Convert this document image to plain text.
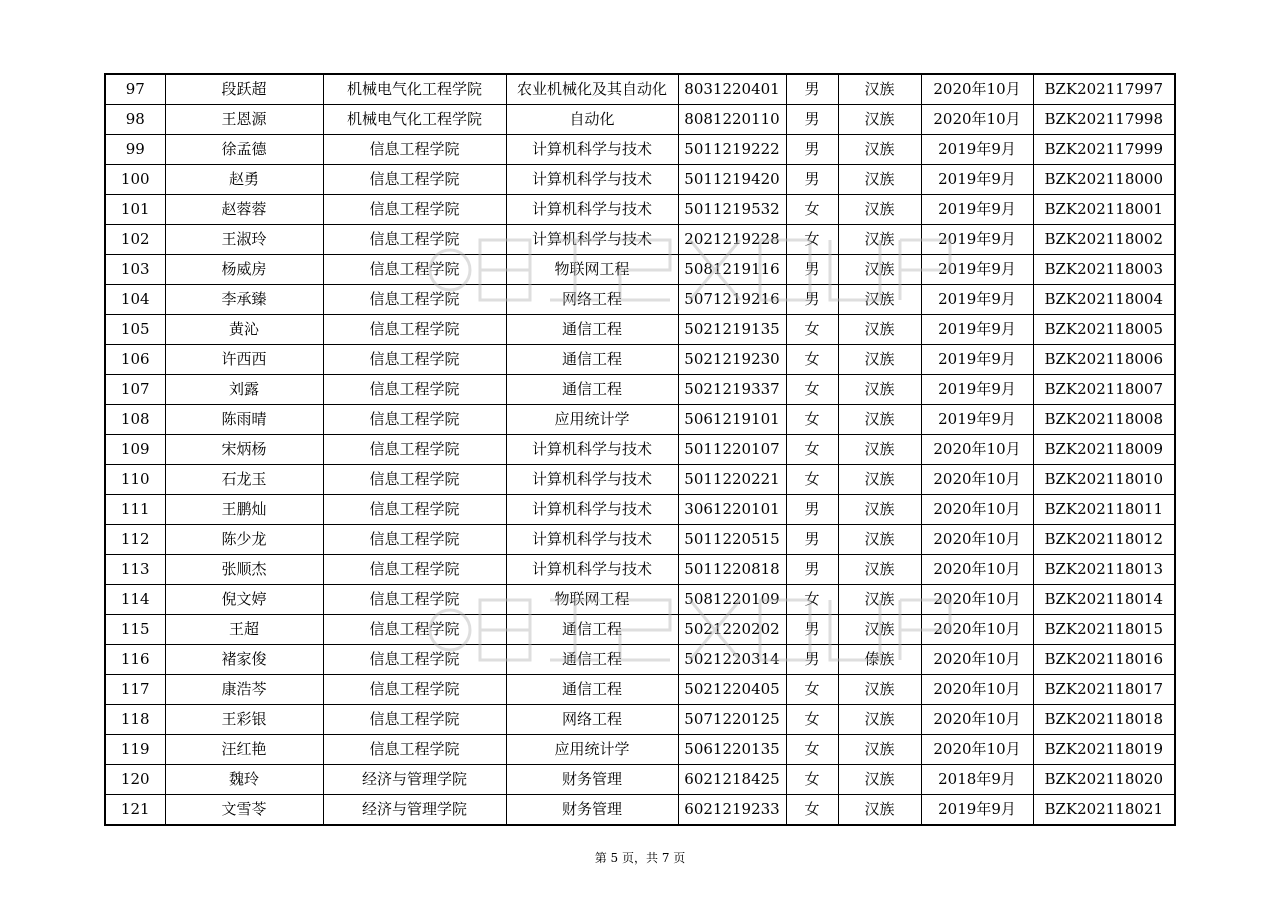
97	段跃超	机械电气化工程学院	农业机械化及其自动化	8031220401	男	汉族	2020年10月	BZK202117997
98	王恩源	机械电气化工程学院	自动化	8081220110	男	汉族	2020年10月	BZK202117998
99	徐孟德	信息工程学院	计算机科学与技术	5011219222	男	汉族	2019年9月	BZK202117999
100	赵勇	信息工程学院	计算机科学与技术	5011219420	男	汉族	2019年9月	BZK202118000
101	赵蓉蓉	信息工程学院	计算机科学与技术	5011219532	女	汉族	2019年9月	BZK202118001
102	王淑玲	信息工程学院	计算机科学与技术	2021219228	女	汉族	2019年9月	BZK202118002
103	杨威房	信息工程学院	物联网工程	5081219116	男	汉族	2019年9月	BZK202118003
104	李承臻	信息工程学院	网络工程	5071219216	男	汉族	2019年9月	BZK202118004
105	黄沁	信息工程学院	通信工程	5021219135	女	汉族	2019年9月	BZK202118005
106	许西西	信息工程学院	通信工程	5021219230	女	汉族	2019年9月	BZK202118006
107	刘露	信息工程学院	通信工程	5021219337	女	汉族	2019年9月	BZK202118007
108	陈雨晴	信息工程学院	应用统计学	5061219101	女	汉族	2019年9月	BZK202118008
109	宋炳杨	信息工程学院	计算机科学与技术	5011220107	女	汉族	2020年10月	BZK202118009
110	石龙玉	信息工程学院	计算机科学与技术	5011220221	女	汉族	2020年10月	BZK202118010
111	王鹏灿	信息工程学院	计算机科学与技术	3061220101	男	汉族	2020年10月	BZK202118011
112	陈少龙	信息工程学院	计算机科学与技术	5011220515	男	汉族	2020年10月	BZK202118012
113	张顺杰	信息工程学院	计算机科学与技术	5011220818	男	汉族	2020年10月	BZK202118013
114	倪文婷	信息工程学院	物联网工程	5081220109	女	汉族	2020年10月	BZK202118014
115	王超	信息工程学院	通信工程	5021220202	男	汉族	2020年10月	BZK202118015
116	褚家俊	信息工程学院	通信工程	5021220314	男	傣族	2020年10月	BZK202118016
117	康浩芩	信息工程学院	通信工程	5021220405	女	汉族	2020年10月	BZK202118017
118	王彩银	信息工程学院	网络工程	5071220125	女	汉族	2020年10月	BZK202118018
119	汪红艳	信息工程学院	应用统计学	5061220135	女	汉族	2020年10月	BZK202118019
120	魏玲	经济与管理学院	财务管理	6021218425	女	汉族	2018年9月	BZK202118020
121	文雪苓	经济与管理学院	财务管理	6021219233	女	汉族	2019年9月	BZK202118021
第 5 页，共 7 页
